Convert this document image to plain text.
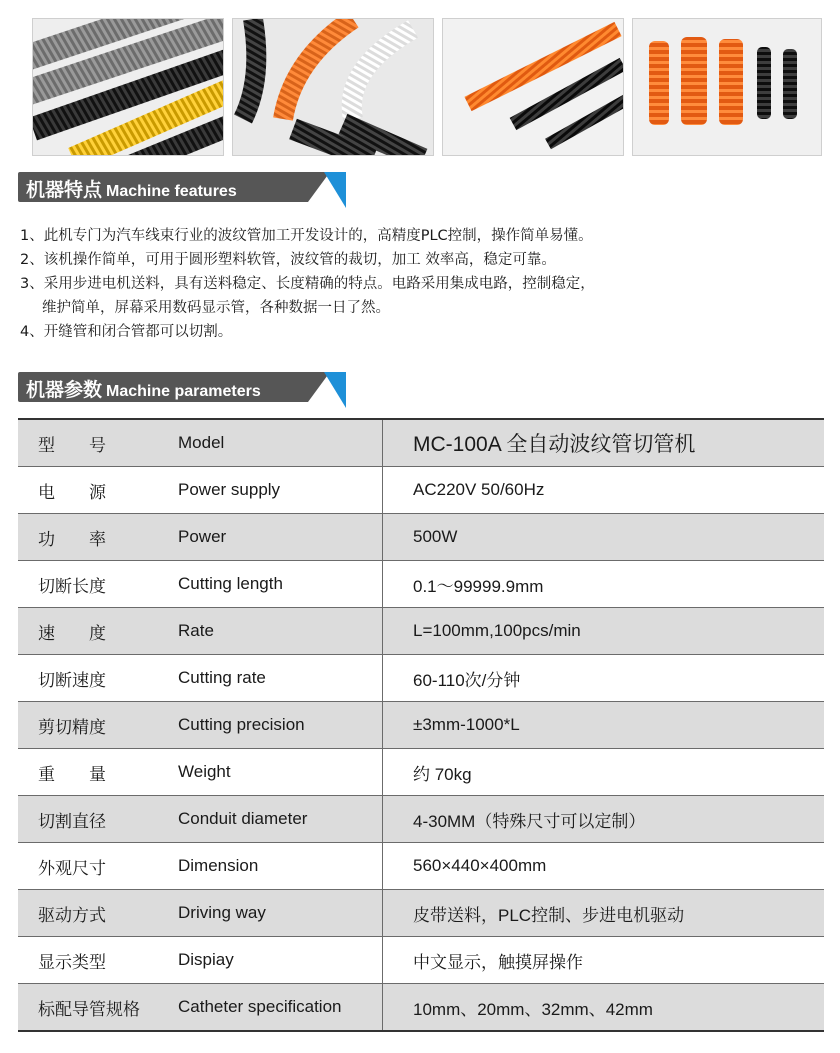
机器特点 Machine features
1、此机专门为汽车线束行业的波纹管加工开发设计的，高精度PLC控制，操作简单易懂。
2、该机操作简单，可用于圆形塑料软管，波纹管的裁切，加工 效率高，稳定可靠。
3、采用步进电机送料，具有送料稳定、长度精确的特点。电路采用集成电路，控制稳定，
维护简单，屏幕采用数码显示管，各种数据一日了然。
4、开缝管和闭合管都可以切割。
机器参数 Machine parameters
型　　号	Model	MC-100A 全自动波纹管切管机
电　　源	Power supply	AC220V 50/60Hz
功　　率	Power	500W
切断长度	Cutting length	0.1～99999.9mm
速　　度	Rate	L=100mm,100pcs/min
切断速度	Cutting rate	60-110次/分钟
剪切精度	Cutting precision	±3mm-1000*L
重　　量	Weight	约 70kg
切割直径	Conduit diameter	4-30MM（特殊尺寸可以定制）
外观尺寸	Dimension	560×440×400mm
驱动方式	Driving way	皮带送料，PLC控制、步进电机驱动
显示类型	Dispiay	中文显示，触摸屏操作
标配导管规格	Catheter specification	10mm、20mm、32mm、42mm
